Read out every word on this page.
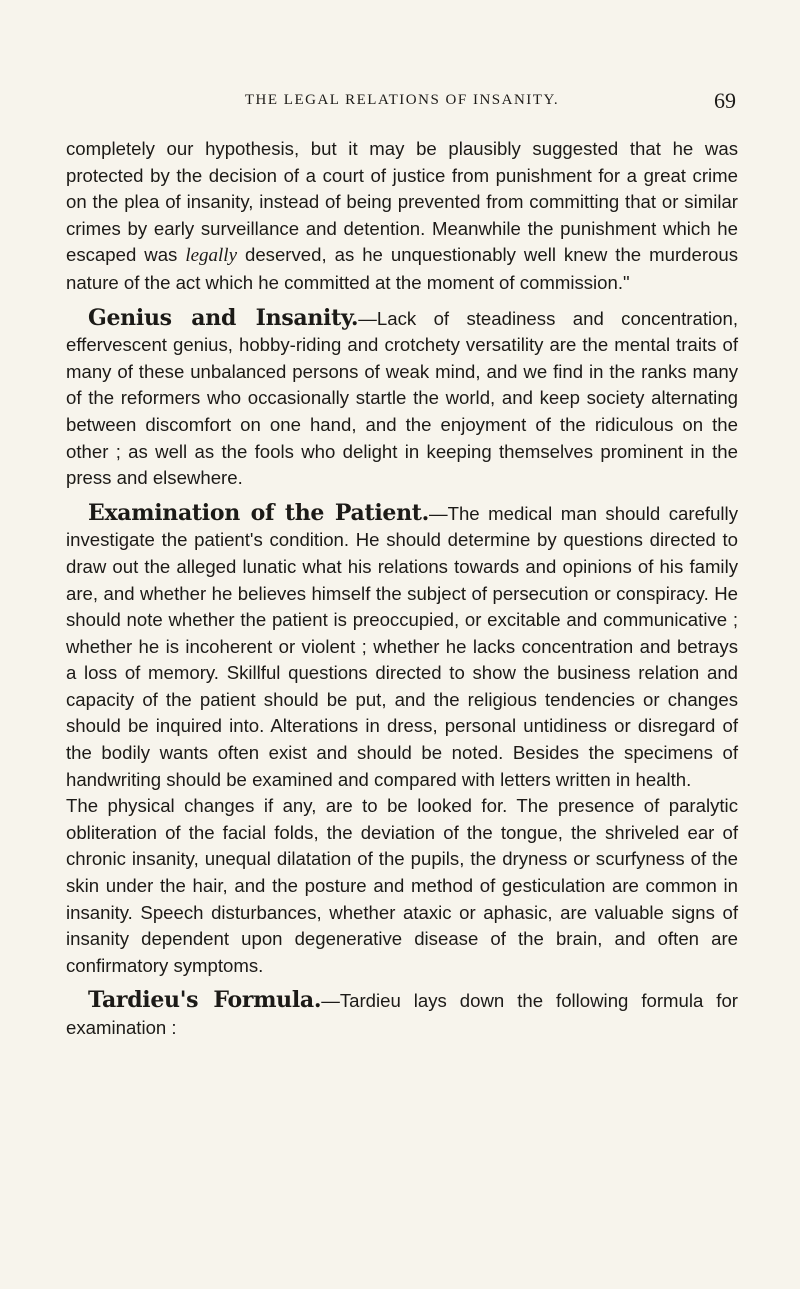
THE LEGAL RELATIONS OF INSANITY.	69

completely our hypothesis, but it may be plausibly suggested that he was protected by the decision of a court of justice from punishment for a great crime on the plea of insanity, instead of being prevented from committing that or similar crimes by early surveillance and detention. Meanwhile the punishment which he escaped was legally deserved, as he unquestionably well knew the murderous nature of the act which he committed at the moment of commission."

Genius and Insanity.—Lack of steadiness and concentration, effervescent genius, hobby-riding and crotchety versatility are the mental traits of many of these unbalanced persons of weak mind, and we find in the ranks many of the reformers who occasionally startle the world, and keep society alternating between discomfort on one hand, and the enjoyment of the ridiculous on the other ; as well as the fools who delight in keeping themselves prominent in the press and elsewhere.

Examination of the Patient.—The medical man should carefully investigate the patient's condition. He should determine by questions directed to draw out the alleged lunatic what his relations towards and opinions of his family are, and whether he believes himself the subject of persecution or conspiracy. He should note whether the patient is preoccupied, or excitable and communicative ; whether he is incoherent or violent ; whether he lacks concentration and betrays a loss of memory. Skillful questions directed to show the business relation and capacity of the patient should be put, and the religious tendencies or changes should be inquired into. Alterations in dress, personal untidiness or disregard of the bodily wants often exist and should be noted. Besides the specimens of handwriting should be examined and compared with letters written in health.

The physical changes if any, are to be looked for. The presence of paralytic obliteration of the facial folds, the deviation of the tongue, the shriveled ear of chronic insanity, unequal dilatation of the pupils, the dryness or scurfyness of the skin under the hair, and the posture and method of gesticulation are common in insanity. Speech disturbances, whether ataxic or aphasic, are valuable signs of insanity dependent upon degenerative disease of the brain, and often are confirmatory symptoms.

Tardieu's Formula.—Tardieu lays down the following formula for examination :
